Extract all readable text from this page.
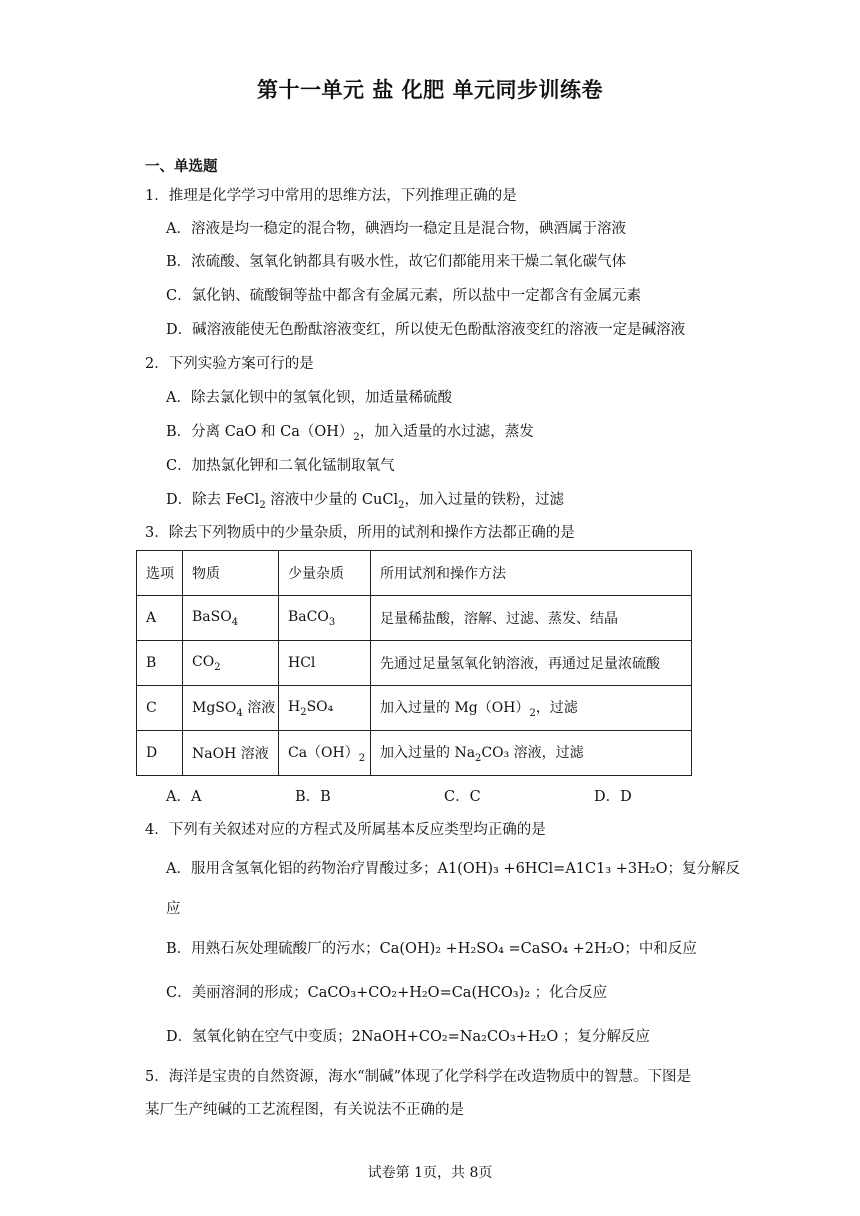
第十一单元 盐 化肥 单元同步训练卷
一、单选题
1．推理是化学学习中常用的思维方法，下列推理正确的是
A．溶液是均一稳定的混合物，碘酒均一稳定且是混合物，碘酒属于溶液
B．浓硫酸、氢氧化钠都具有吸水性，故它们都能用来干燥二氧化碳气体
C．氯化钠、硫酸铜等盐中都含有金属元素，所以盐中一定都含有金属元素
D．碱溶液能使无色酚酞溶液变红，所以使无色酚酞溶液变红的溶液一定是碱溶液
2．下列实验方案可行的是
A．除去氯化钡中的氢氧化钡，加适量稀硫酸
B．分离 CaO 和 $Ca(OH)_2$，加入适量的水过滤，蒸发
C．加热氯化钾和二氧化锰制取氧气
D．除去 FeCl$_2$ 溶液中少量的 CuCl$_2$，加入过量的铁粉，过滤
3．除去下列物质中的少量杂质，所用的试剂和操作方法都正确的是
选项	物质	少量杂质	所用试剂和操作方法
A	BaSO$_4$	BaCO$_3$	足量稀盐酸，溶解、过滤、蒸发、结晶
B	$CO_2$	HCl	先通过足量氢氧化钠溶液，再通过足量浓硫酸
C	MgSO$_4$ 溶液	$H_2SO_4$	加入过量的 $Mg(OH)_2$，过滤
D	NaOH 溶液	$Ca(OH)_2$	加入过量的 $Na_2CO_3$ 溶液，过滤
A．A	B．B	C．C	D．D
4．下列有关叙述对应的方程式及所属基本反应类型均正确的是
A．服用含氢氧化铝的药物治疗胃酸过多；A1(OH)₃ +6HCl=A1C1₃ +3H₂O；复分解反
应
B．用熟石灰处理硫酸厂的污水；Ca(OH)₂ +H₂SO₄ =CaSO₄ +2H₂O；中和反应
C．美丽溶洞的形成；CaCO₃+CO₂+H₂O=Ca(HCO₃)₂ ；化合反应
D．氢氧化钠在空气中变质；2NaOH+CO₂=Na₂CO₃+H₂O ；复分解反应
5．海洋是宝贵的自然资源，海水“制碱”体现了化学科学在改造物质中的智慧。下图是
某厂生产纯碱的工艺流程图，有关说法不正确的是
试卷第 1页，共 8页
